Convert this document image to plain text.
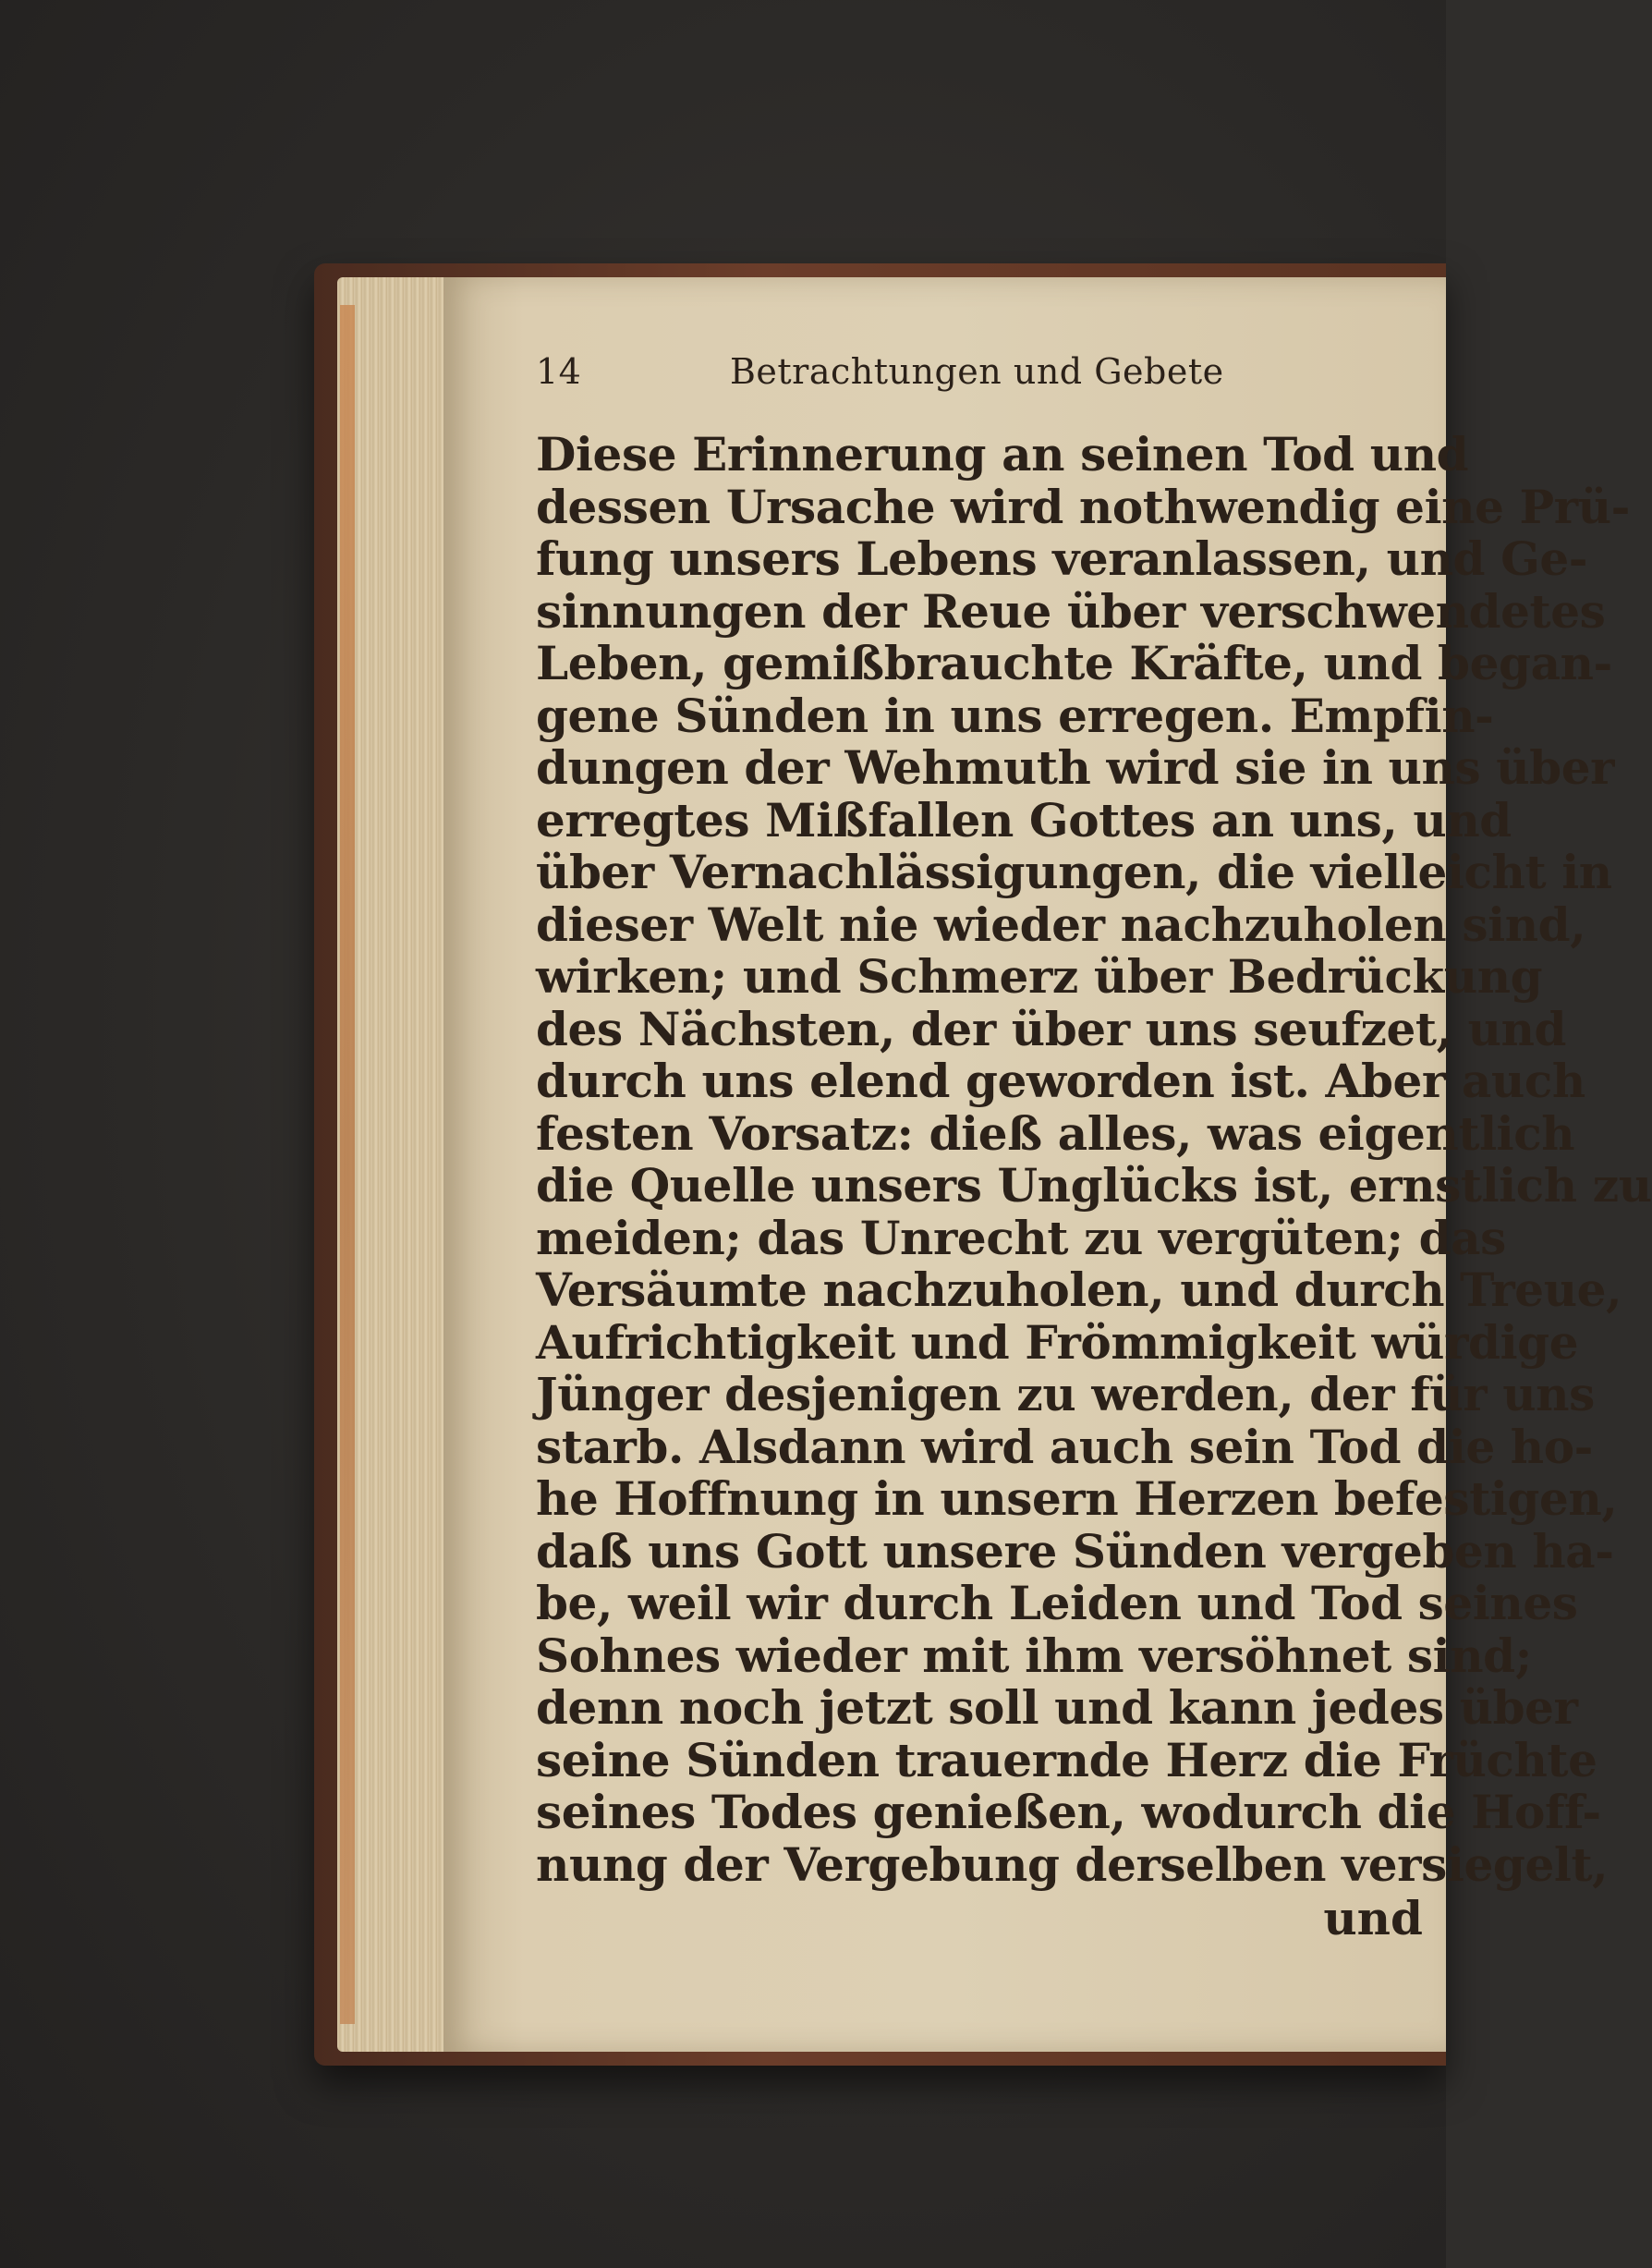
14	Betrachtungen und Gebete
Diese Erinnerung an seinen Tod und
dessen Ursache wird nothwendig eine Prü-
fung unsers Lebens veranlassen, und Ge-
sinnungen der Reue über verschwendetes
Leben, gemißbrauchte Kräfte, und began-
gene Sünden in uns erregen. Empfin-
dungen der Wehmuth wird sie in uns über
erregtes Mißfallen Gottes an uns, und
über Vernachlässigungen, die vielleicht in
dieser Welt nie wieder nachzuholen sind,
wirken; und Schmerz über Bedrückung
des Nächsten, der über uns seufzet, und
durch uns elend geworden ist. Aber auch
festen Vorsatz: dieß alles, was eigentlich
die Quelle unsers Unglücks ist, ernstlich zu
meiden; das Unrecht zu vergüten; das
Versäumte nachzuholen, und durch Treue,
Aufrichtigkeit und Frömmigkeit würdige
Jünger desjenigen zu werden, der für uns
starb. Alsdann wird auch sein Tod die ho-
he Hoffnung in unsern Herzen befestigen,
daß uns Gott unsere Sünden vergeben ha-
be, weil wir durch Leiden und Tod seines
Sohnes wieder mit ihm versöhnet sind;
denn noch jetzt soll und kann jedes über
seine Sünden trauernde Herz die Früchte
seines Todes genießen, wodurch die Hoff-
nung der Vergebung derselben versiegelt,
und
